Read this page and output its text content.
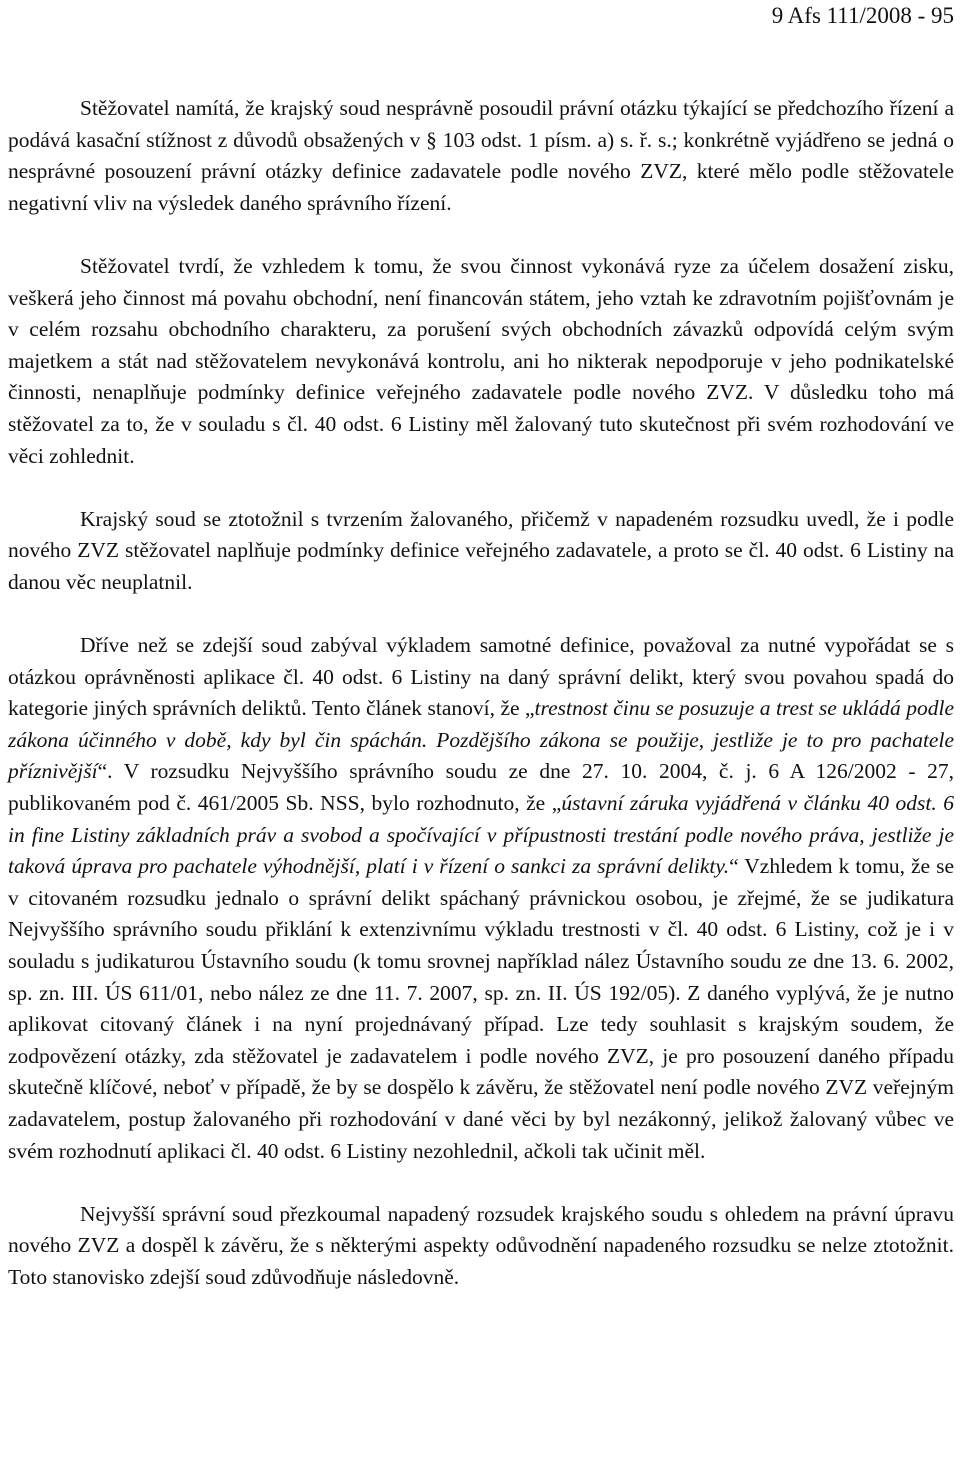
9 Afs 111/2008 - 95

Stěžovatel namítá, že krajský soud nesprávně posoudil právní otázku týkající se předchozího řízení a podává kasační stížnost z důvodů obsažených v § 103 odst. 1 písm. a) s. ř. s.; konkrétně vyjádřeno se jedná o nesprávné posouzení právní otázky definice zadavatele podle nového ZVZ, které mělo podle stěžovatele negativní vliv na výsledek daného správního řízení.

Stěžovatel tvrdí, že vzhledem k tomu, že svou činnost vykonává ryze za účelem dosažení zisku, veškerá jeho činnost má povahu obchodní, není financován státem, jeho vztah ke zdravotním pojišťovnám je v celém rozsahu obchodního charakteru, za porušení svých obchodních závazků odpovídá celým svým majetkem a stát nad stěžovatelem nevykonává kontrolu, ani ho nikterak nepodporuje v jeho podnikatelské činnosti, nenaplňuje podmínky definice veřejného zadavatele podle nového ZVZ. V důsledku toho má stěžovatel za to, že v souladu s čl. 40 odst. 6 Listiny měl žalovaný tuto skutečnost při svém rozhodování ve věci zohlednit.

Krajský soud se ztotožnil s tvrzením žalovaného, přičemž v napadeném rozsudku uvedl, že i podle nového ZVZ stěžovatel naplňuje podmínky definice veřejného zadavatele, a proto se čl. 40 odst. 6 Listiny na danou věc neuplatnil.

Dříve než se zdejší soud zabýval výkladem samotné definice, považoval za nutné vypořádat se s otázkou oprávněnosti aplikace čl. 40 odst. 6 Listiny na daný správní delikt, který svou povahou spadá do kategorie jiných správních deliktů. Tento článek stanoví, že „trestnost činu se posuzuje a trest se ukládá podle zákona účinného v době, kdy byl čin spáchán. Pozdějšího zákona se použije, jestliže je to pro pachatele příznivější“. V rozsudku Nejvyššího správního soudu ze dne 27. 10. 2004, č. j. 6 A 126/2002 - 27, publikovaném pod č. 461/2005 Sb. NSS, bylo rozhodnuto, že „ústavní záruka vyjádřená v článku 40 odst. 6 in fine Listiny základních práv a svobod a spočívající v přípustnosti trestání podle nového práva, jestliže je taková úprava pro pachatele výhodnější, platí i v řízení o sankci za správní delikty.“ Vzhledem k tomu, že se v citovaném rozsudku jednalo o správní delikt spáchaný právnickou osobou, je zřejmé, že se judikatura Nejvyššího správního soudu přiklání k extenzivnímu výkladu trestnosti v čl. 40 odst. 6 Listiny, což je i v souladu s judikaturou Ústavního soudu (k tomu srovnej například nález Ústavního soudu ze dne 13. 6. 2002, sp. zn. III. ÚS 611/01, nebo nález ze dne 11. 7. 2007, sp. zn. II. ÚS 192/05). Z daného vyplývá, že je nutno aplikovat citovaný článek i na nyní projednávaný případ. Lze tedy souhlasit s krajským soudem, že zodpovězení otázky, zda stěžovatel je zadavatelem i podle nového ZVZ, je pro posouzení daného případu skutečně klíčové, neboť v případě, že by se dospělo k závěru, že stěžovatel není podle nového ZVZ veřejným zadavatelem, postup žalovaného při rozhodování v dané věci by byl nezákonný, jelikož žalovaný vůbec ve svém rozhodnutí aplikaci čl. 40 odst. 6 Listiny nezohlednil, ačkoli tak učinit měl.

Nejvyšší správní soud přezkoumal napadený rozsudek krajského soudu s ohledem na právní úpravu nového ZVZ a dospěl k závěru, že s některými aspekty odůvodnění napadeného rozsudku se nelze ztotožnit. Toto stanovisko zdejší soud zdůvodňuje následovně.
